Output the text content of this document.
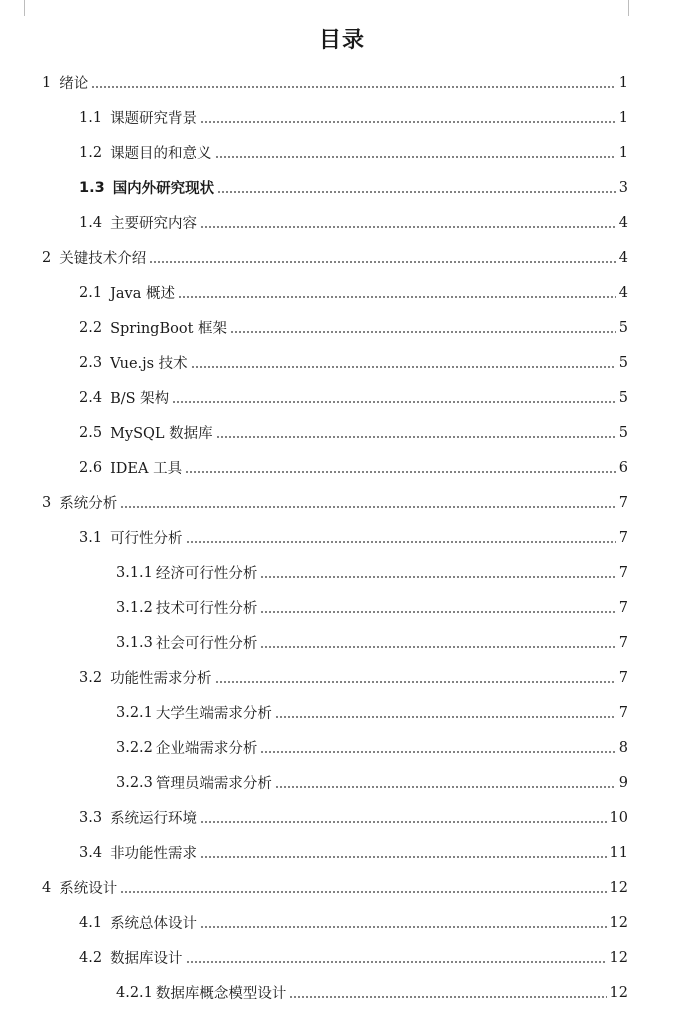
目录
1 绪论	1
1.1 课题研究背景	1
1.2 课题目的和意义	1
1.3 国内外研究现状	3
1.4 主要研究内容	4
2 关键技术介绍	4
2.1 Java 概述	4
2.2 SpringBoot 框架	5
2.3 Vue.js 技术	5
2.4 B/S 架构	5
2.5 MySQL 数据库	5
2.6 IDEA 工具	6
3 系统分析	7
3.1 可行性分析	7
3.1.1 经济可行性分析	7
3.1.2 技术可行性分析	7
3.1.3 社会可行性分析	7
3.2 功能性需求分析	7
3.2.1 大学生端需求分析	7
3.2.2 企业端需求分析	8
3.2.3 管理员端需求分析	9
3.3 系统运行环境	10
3.4 非功能性需求	11
4 系统设计	12
4.1 系统总体设计	12
4.2 数据库设计	12
4.2.1 数据库概念模型设计	12
